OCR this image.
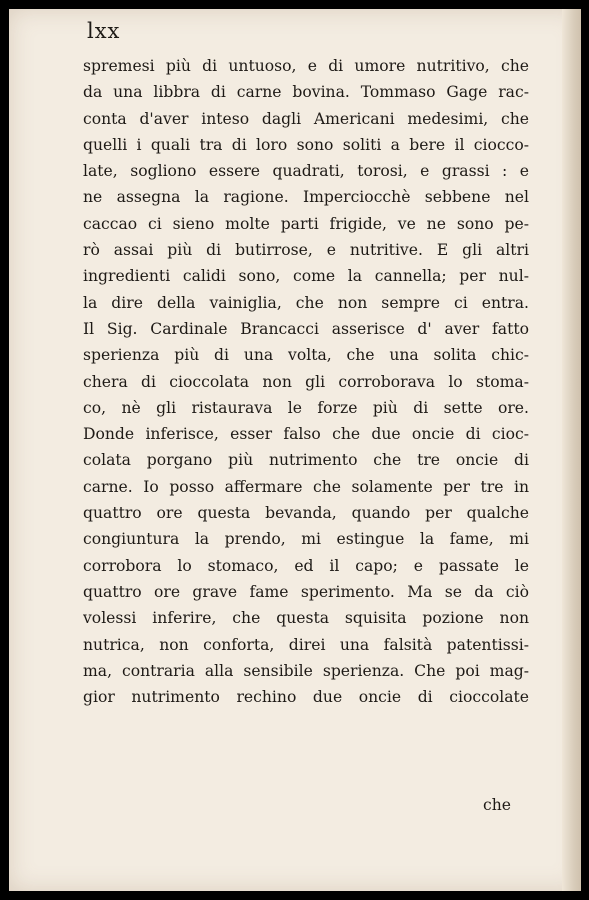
lxx
spremesi più di untuoso, e di umore nutritivo, che
da una libbra di carne bovina. Tommaso Gage rac-
conta d'aver inteso dagli Americani medesimi, che
quelli i quali tra di loro sono soliti a bere il ciocco-
late, sogliono essere quadrati, torosi, e grassi : e
ne assegna la ragione. Imperciocchè sebbene nel
caccao ci sieno molte parti frigide, ve ne sono pe-
rò assai più di butirrose, e nutritive. E gli altri
ingredienti calidi sono, come la cannella; per nul-
la dire della vainiglia, che non sempre ci entra.
Il Sig. Cardinale Brancacci asserisce d' aver fatto
sperienza più di una volta, che una solita chic-
chera di cioccolata non gli corroborava lo stoma-
co, nè gli ristaurava le forze più di sette ore.
Donde inferisce, esser falso che due oncie di cioc-
colata porgano più nutrimento che tre oncie di
carne. Io posso affermare che solamente per tre in
quattro ore questa bevanda, quando per qualche
congiuntura la prendo, mi estingue la fame, mi
corrobora lo stomaco, ed il capo; e passate le
quattro ore grave fame sperimento. Ma se da ciò
volessi inferire, che questa squisita pozione non
nutrica, non conforta, direi una falsità patentissi-
ma, contraria alla sensibile sperienza. Che poi mag-
gior nutrimento rechino due oncie di cioccolate
che
